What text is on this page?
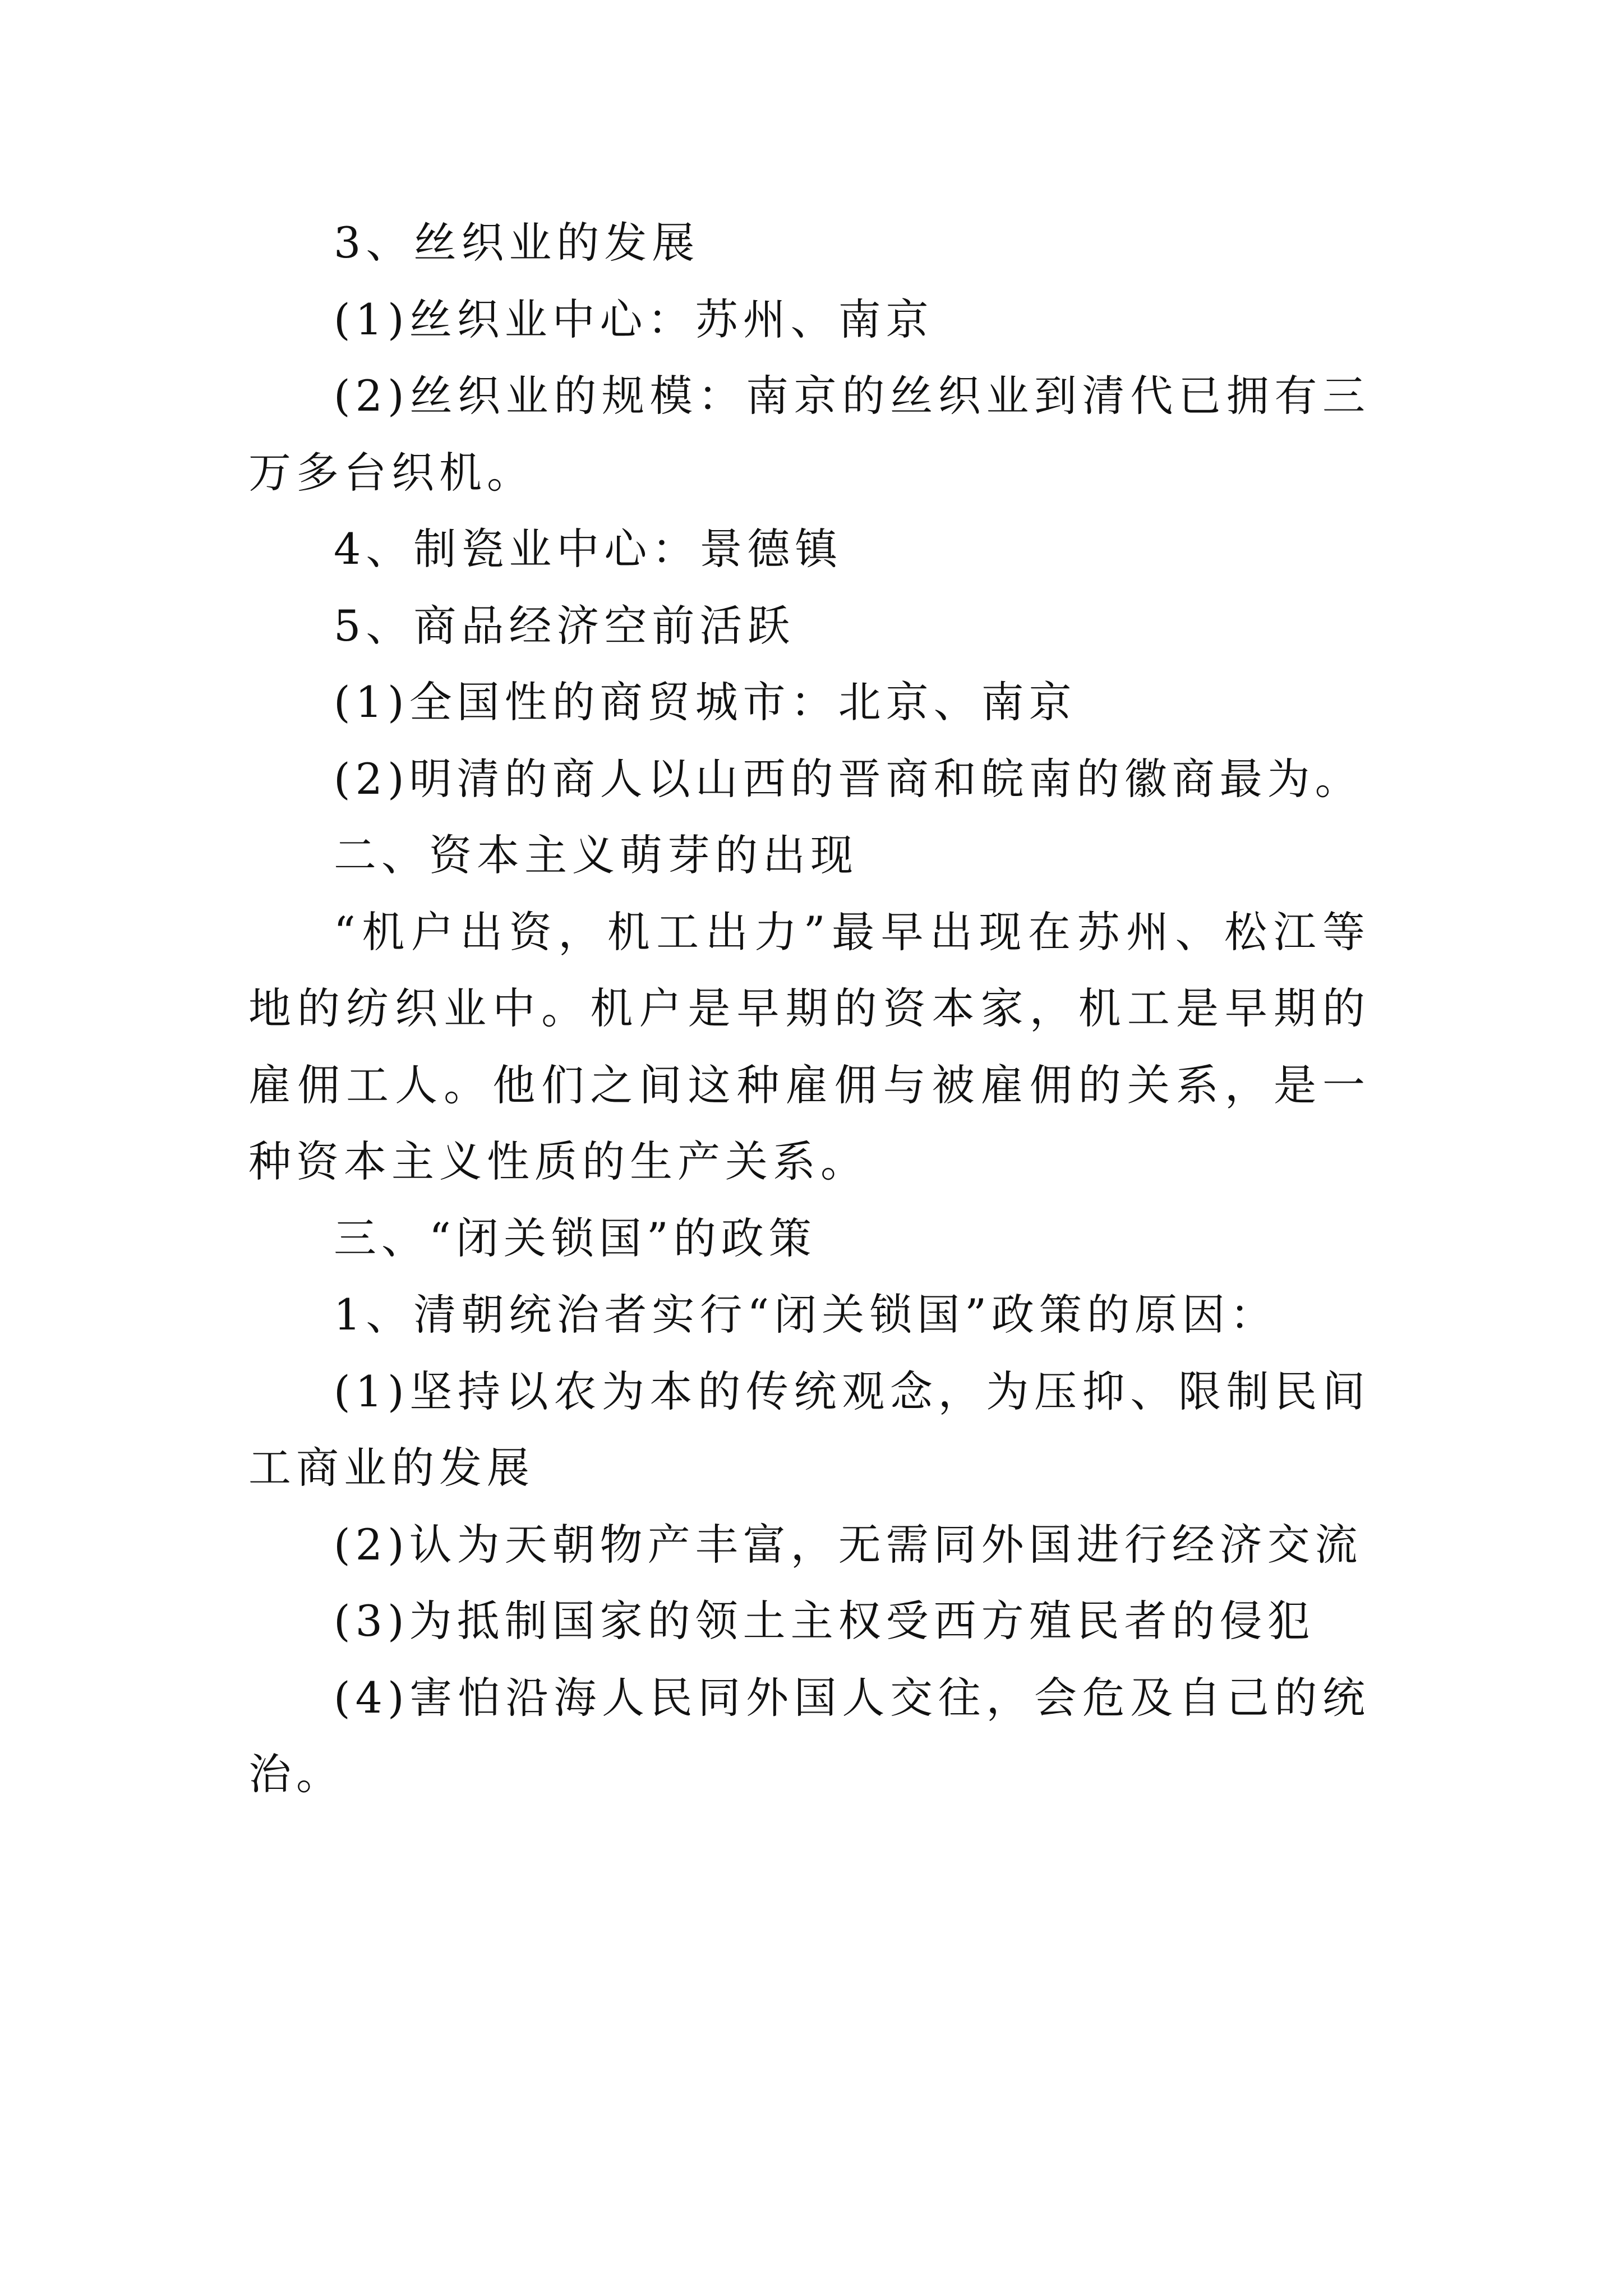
3、丝织业的发展

(1)丝织业中心：苏州、南京

(2)丝织业的规模：南京的丝织业到清代已拥有三万多台织机。

4、制瓷业中心：景德镇

5、商品经济空前活跃

(1)全国性的商贸城市：北京、南京

(2)明清的商人以山西的晋商和皖南的徽商最为。

二、资本主义萌芽的出现

“机户出资，机工出力”最早出现在苏州、松江等地的纺织业中。机户是早期的资本家，机工是早期的雇佣工人。他们之间这种雇佣与被雇佣的关系，是一种资本主义性质的生产关系。

三、“闭关锁国”的政策

1、清朝统治者实行“闭关锁国”政策的原因：

(1)坚持以农为本的传统观念，为压抑、限制民间工商业的发展

(2)认为天朝物产丰富，无需同外国进行经济交流

(3)为抵制国家的领土主权受西方殖民者的侵犯

(4)害怕沿海人民同外国人交往，会危及自己的统治。
